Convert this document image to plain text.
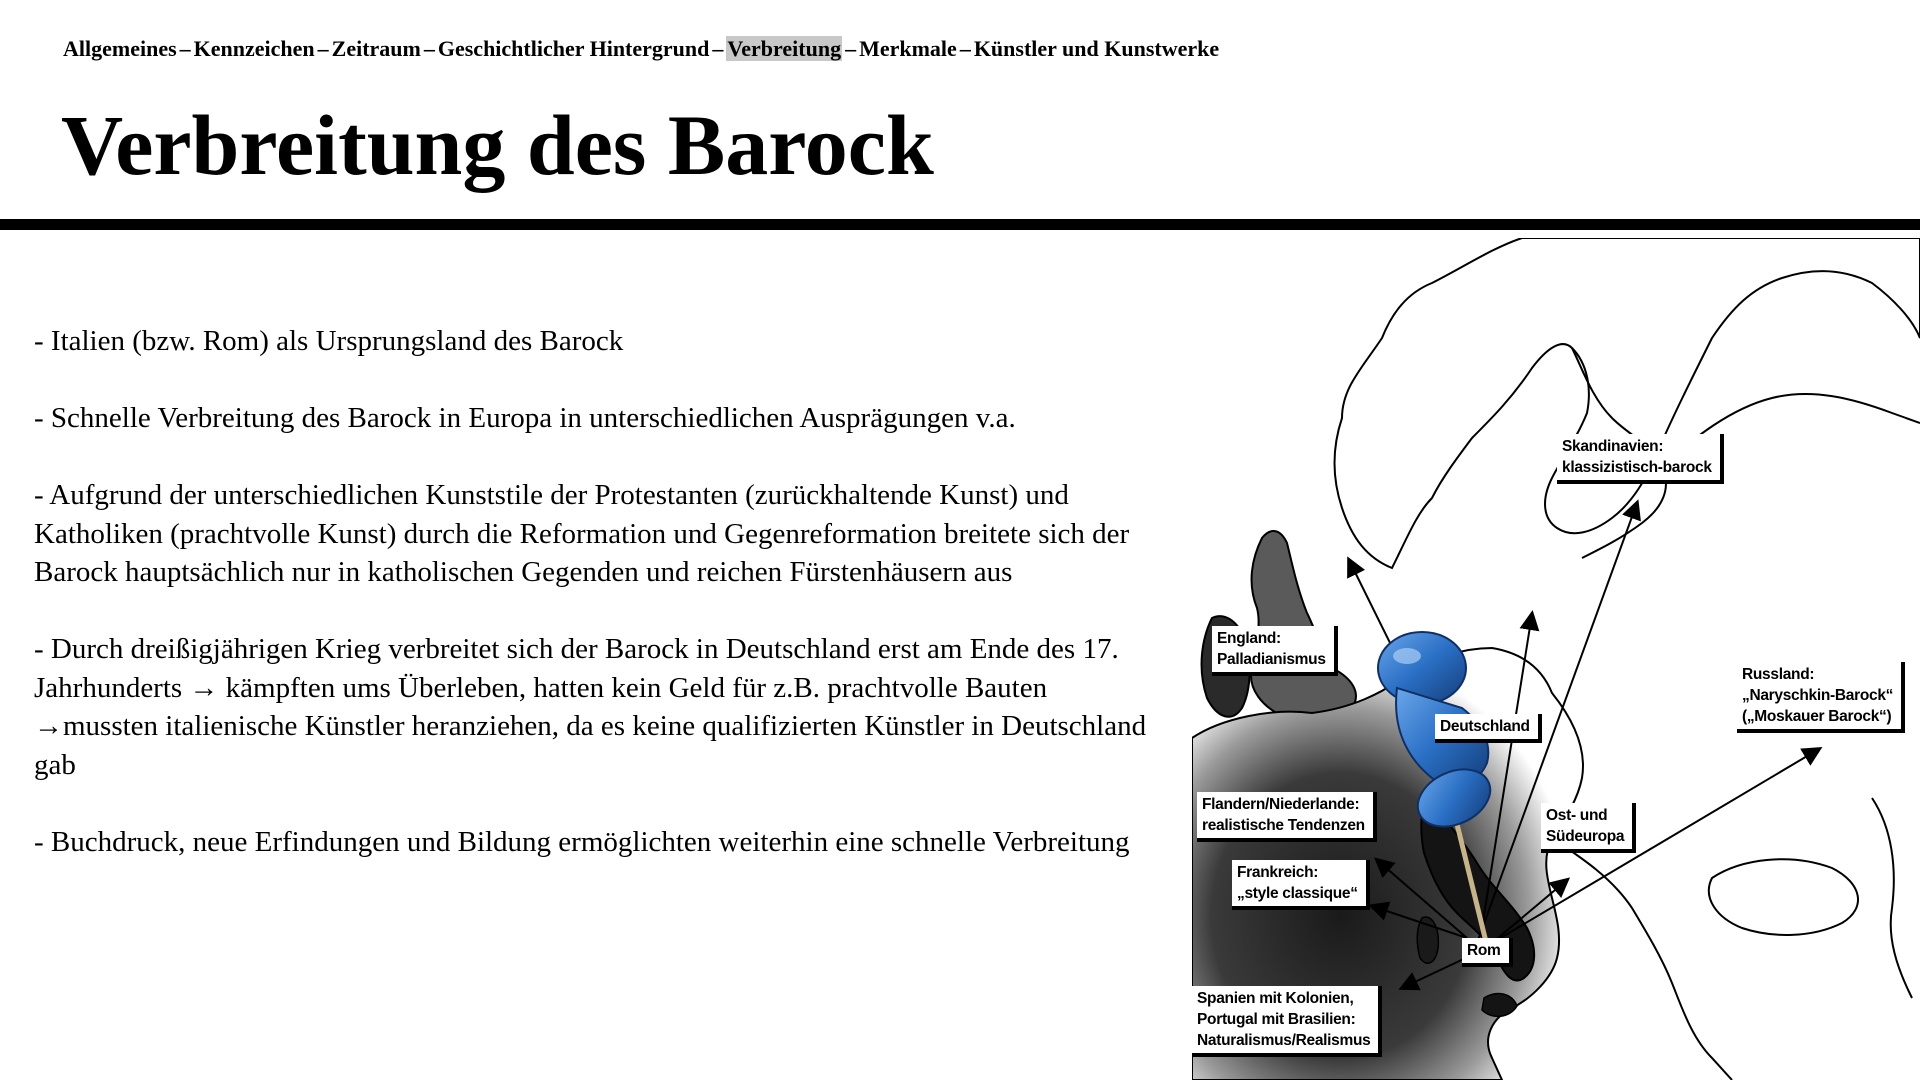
Allgemeines – Kennzeichen – Zeitraum – Geschichtlicher Hintergrund – Verbreitung – Merkmale – Künstler und Kunstwerke
Verbreitung des Barock

- Italien (bzw. Rom) als Ursprungsland des Barock

- Schnelle Verbreitung des Barock in Europa in unterschiedlichen Ausprägungen v.a.

- Aufgrund der unterschiedlichen Kunststile der Protestanten (zurückhaltende Kunst) und Katholiken (prachtvolle Kunst) durch die Reformation und Gegenreformation breitete sich der Barock hauptsächlich nur in katholischen Gegenden und reichen Fürstenhäusern aus

- Durch dreißigjährigen Krieg verbreitet sich der Barock in Deutschland erst am Ende des 17. Jahrhunderts → kämpften ums Überleben, hatten kein Geld für z.B. prachtvolle Bauten

→mussten italienische Künstler heranziehen, da es keine qualifizierten Künstler in Deutschland gab

- Buchdruck, neue Erfindungen und Bildung ermöglichten weiterhin eine schnelle Verbreitung

Skandinavien:
klassizistisch-barock
England:
Palladianismus
Deutschland
Russland:
„Naryschkin-Barock“
(„Moskauer Barock“)
Flandern/Niederlande:
realistische Tendenzen
Ost- und
Südeuropa
Frankreich:
„style classique“
Rom
Spanien mit Kolonien,
Portugal mit Brasilien:
Naturalismus/Realismus
